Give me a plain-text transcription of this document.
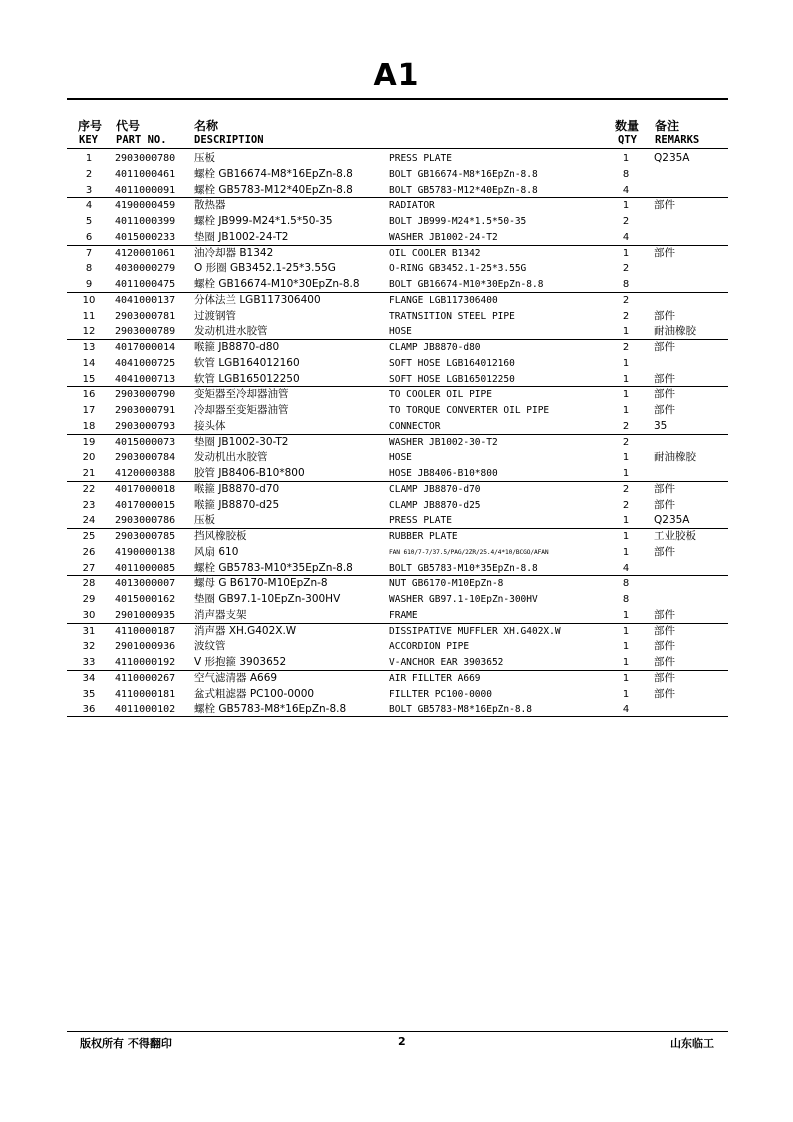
A1
序号 代号	名称	数量 备注
KEY PART NO.	DESCRIPTION	QTY REMARKS
1	2903000780 压板	PRESS PLATE	1	Q235A
2	4011000461 螺栓 GB16674-M8*16EpZn-8.8	BOLT GB16674-M8*16EpZn-8.8	8
3	4011000091 螺栓 GB5783-M12*40EpZn-8.8	BOLT GB5783-M12*40EpZn-8.8	4
4	4190000459 散热器	RADIATOR	1	部件
5	4011000399 螺栓 JB999-M24*1.5*50-35	BOLT JB999-M24*1.5*50-35	2
6	4015000233 垫圈 JB1002-24-T2	WASHER JB1002-24-T2	4
7	4120001061 油冷却器 B1342	OIL COOLER B1342	1	部件
8	4030000279 O 形圈 GB3452.1-25*3.55G	O-RING GB3452.1-25*3.55G	2
9	4011000475 螺栓 GB16674-M10*30EpZn-8.8	BOLT GB16674-M10*30EpZn-8.8	8
10	4041000137 分体法兰 LGB117306400	FLANGE LGB117306400	2
11	2903000781 过渡钢管	TRATNSITION STEEL PIPE	2	部件
12	2903000789 发动机进水胶管	HOSE	1	耐油橡胶
13	4017000014 喉箍 JB8870-d80	CLAMP JB8870-d80	2	部件
14	4041000725 软管 LGB164012160	SOFT HOSE LGB164012160	1
15	4041000713 软管 LGB165012250	SOFT HOSE LGB165012250	1	部件
16	2903000790 变矩器至冷却器油管	TO COOLER OIL PIPE	1	部件
17	2903000791 冷却器至变矩器油管	TO TORQUE CONVERTER OIL PIPE	1	部件
18	2903000793 接头体	CONNECTOR	2	35
19	4015000073 垫圈 JB1002-30-T2	WASHER JB1002-30-T2	2
20	2903000784 发动机出水胶管	HOSE	1	耐油橡胶
21	4120000388 胶管 JB8406-B10*800	HOSE JB8406-B10*800	1
22	4017000018 喉箍 JB8870-d70	CLAMP JB8870-d70	2	部件
23	4017000015 喉箍 JB8870-d25	CLAMP JB8870-d25	2	部件
24	2903000786 压板	PRESS PLATE	1	Q235A
25	2903000785 挡风橡胶板	RUBBER PLATE	1	工业胶板
26	4190000138 风扇 610	FAN 610/7-7/37.5/PAG/2ZR/25.4/4*10/BCGO/AFAN	1	部件
27	4011000085 螺栓 GB5783-M10*35EpZn-8.8	BOLT GB5783-M10*35EpZn-8.8	4
28	4013000007 螺母 G B6170-M10EpZn-8	NUT GB6170-M10EpZn-8	8
29	4015000162 垫圈 GB97.1-10EpZn-300HV	WASHER GB97.1-10EpZn-300HV	8
30	2901000935 消声器支架	FRAME	1	部件
31	4110000187 消声器 XH.G402X.W	DISSIPATIVE MUFFLER XH.G402X.W	1	部件
32	2901000936 波纹管	ACCORDION PIPE	1	部件
33	4110000192 V 形抱箍 3903652	V-ANCHOR EAR 3903652	1	部件
34	4110000267 空气滤清器 A669	AIR FILLTER A669	1	部件
35	4110000181 盆式粗滤器 PC100-0000	FILLTER PC100-0000	1	部件
36	4011000102 螺栓 GB5783-M8*16EpZn-8.8	BOLT GB5783-M8*16EpZn-8.8	4
版权所有 不得翻印	2	山东临工
